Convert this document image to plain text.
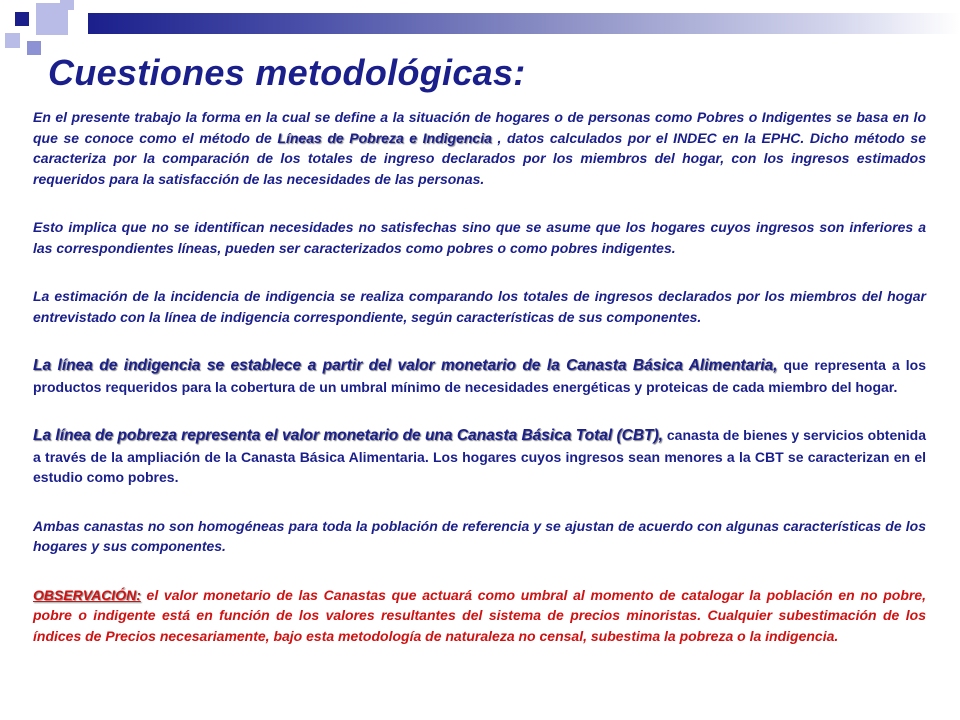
Cuestiones metodológicas:

En el presente trabajo la forma en la cual se define a la situación de hogares o de personas como Pobres o Indigentes se basa en lo que se conoce como el método de Líneas de Pobreza e Indigencia , datos calculados por el INDEC en la EPHC. Dicho método se caracteriza por la comparación de los totales de ingreso declarados por los miembros del hogar, con los ingresos estimados requeridos para la satisfacción de las necesidades de las personas.

Esto implica que no se identifican necesidades no satisfechas sino que se asume que los hogares cuyos ingresos son inferiores a las correspondientes líneas, pueden ser caracterizados como pobres o como pobres indigentes.

La estimación de la incidencia de indigencia se realiza comparando los totales de ingresos declarados por los miembros del hogar entrevistado con la línea de indigencia correspondiente, según características de sus componentes.

La línea de indigencia se establece a partir del valor monetario de la Canasta Básica Alimentaria, que representa a los productos requeridos para la cobertura de un umbral mínimo de necesidades energéticas y proteicas de cada miembro del hogar.

La línea de pobreza representa el valor monetario de una Canasta Básica Total (CBT), canasta de bienes y servicios obtenida a través de la ampliación de la Canasta Básica Alimentaria. Los hogares cuyos ingresos sean menores a la CBT se caracterizan en el estudio como pobres.

Ambas canastas no son homogéneas para toda la población de referencia y se ajustan de acuerdo con algunas características de los hogares y sus componentes.

OBSERVACIÓN: el valor monetario de las Canastas que actuará como umbral al momento de catalogar la población en no pobre, pobre o indigente está en función de los valores resultantes del sistema de precios minoristas. Cualquier subestimación de los índices de Precios necesariamente, bajo esta metodología de naturaleza no censal, subestima la pobreza o la indigencia.
